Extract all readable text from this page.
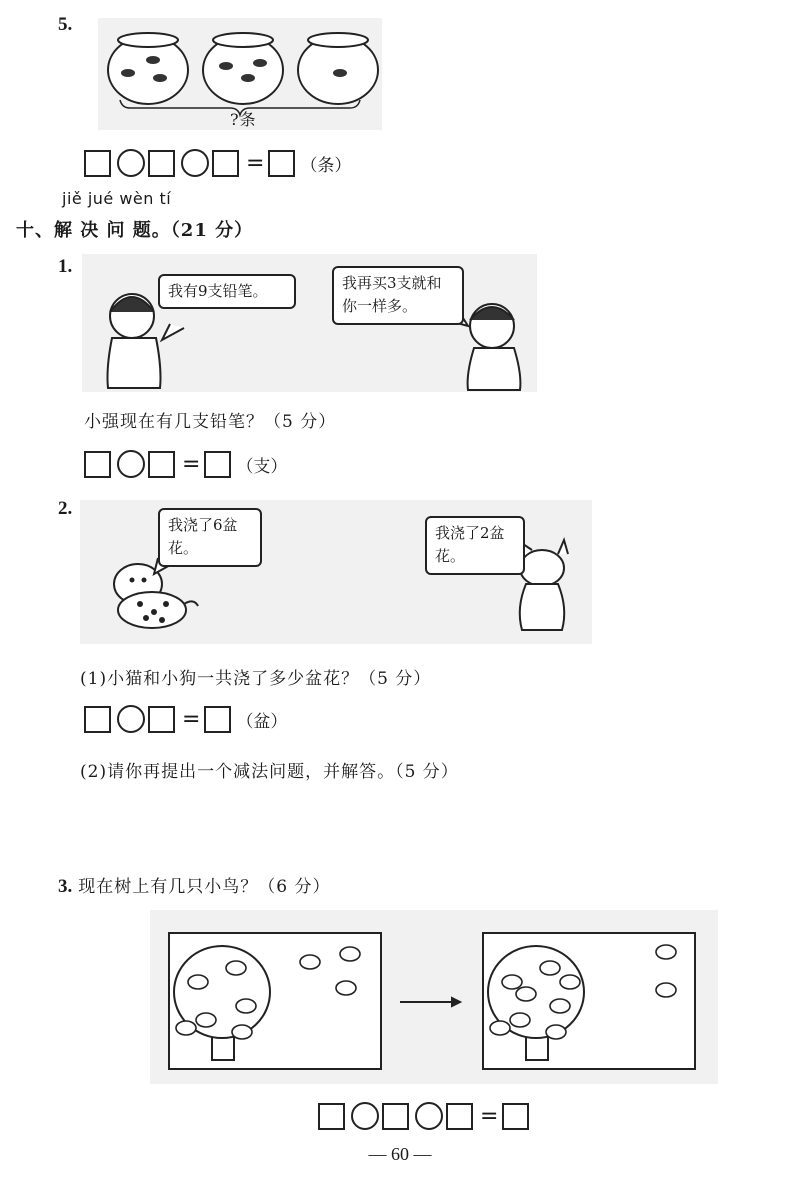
5.
?条
= （条）
jiě jué wèn tí
十、解 决 问 题。（21 分）
1.
我有9支铅笔。	我再买3支就和你一样多。
小强现在有几支铅笔？（5 分）
= （支）
2.
我浇了6盆花。
我浇了2盆花。
(1)小猫和小狗一共浇了多少盆花？（5 分）
= （盆）
(2)请你再提出一个减法问题，并解答。（5 分）
3. 现在树上有几只小鸟？（6 分）
=
— 60 —
